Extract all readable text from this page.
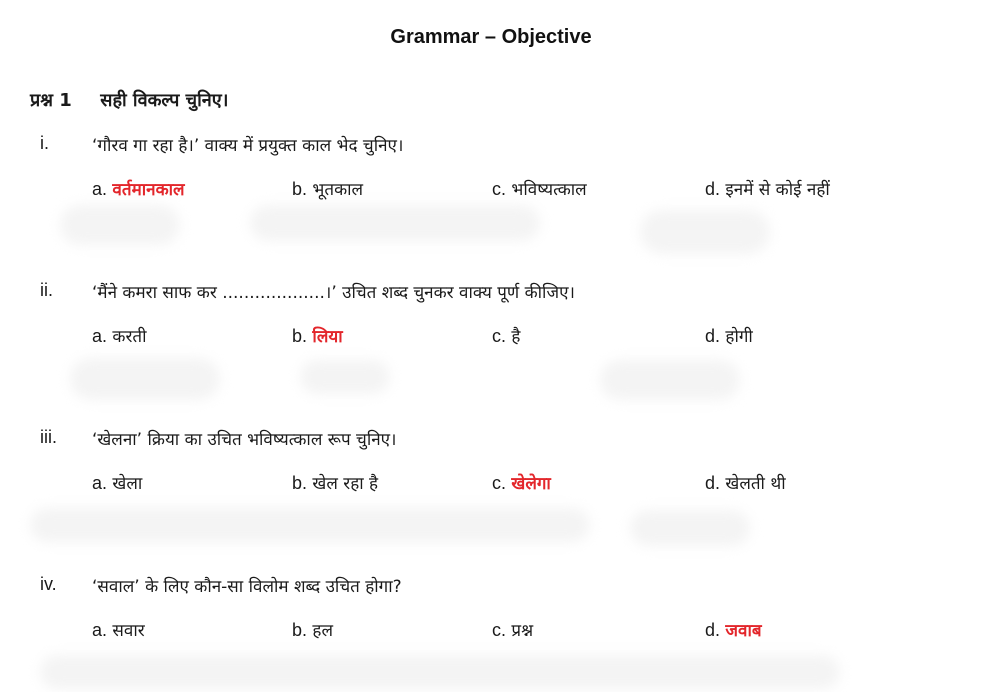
Grammar – Objective
प्रश्न 1 सही विकल्प चुनिए।
i.	‘गौरव गा रहा है।’ वाक्य में प्रयुक्त काल भेद चुनिए।
a. वर्तमानकाल	b. भूतकाल	c. भविष्यत्काल	d. इनमें से कोई नहीं
ii.	‘मैंने कमरा साफ कर ...................।’ उचित शब्द चुनकर वाक्य पूर्ण कीजिए।
a. करती	b. लिया	c. है	d. होगी
iii.	‘खेलना’ क्रिया का उचित भविष्यत्काल रूप चुनिए।
a. खेला	b. खेल रहा है	c. खेलेगा	d. खेलती थी
iv.	‘सवाल’ के लिए कौन-सा विलोम शब्द उचित होगा?
a. सवार	b. हल	c. प्रश्न	d. जवाब
